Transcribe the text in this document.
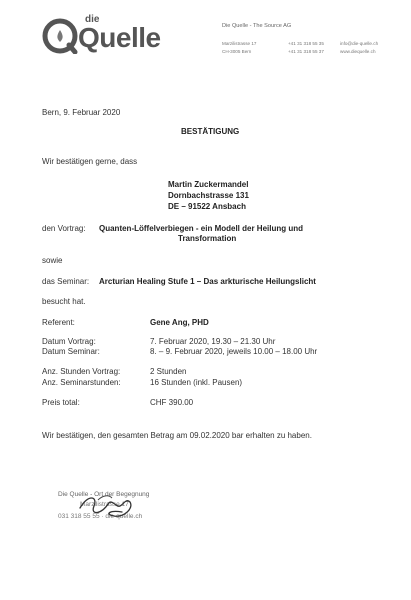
die
Quelle	Die Quelle - The Source AG
Marzilistrasse 17
CH-3005 Bern
+41 31 318 55 35
+41 31 318 55 37
info@die-quelle.ch
www.diequelle.ch
Bern, 9. Februar 2020
BESTÄTIGUNG
Wir bestätigen gerne, dass
Martin Zuckermandel
Dornbachstrasse 131
DE – 91522 Ansbach
den Vortrag: Quanten-Löffelverbiegen - ein Modell der Heilung und
Transformation
sowie
das Seminar: Arcturian Healing Stufe 1 – Das arkturische Heilungslicht
besucht hat.
Referent:	Gene Ang, PHD
Datum Vortrag:	7. Februar 2020, 19.30 – 21.30 Uhr
Datum Seminar:	8. – 9. Februar 2020, jeweils 10.00 – 18.00 Uhr
Anz. Stunden Vortrag:	2 Stunden
Anz. Seminarstunden:	16 Stunden (inkl. Pausen)
Preis total:	CHF 390.00
Wir bestätigen, den gesamten Betrag am 09.02.2020 bar erhalten zu haben.
Die Quelle - Ort der Begegnung
Marzilistrasse 17
031 318 55 55 · die-quelle.ch
